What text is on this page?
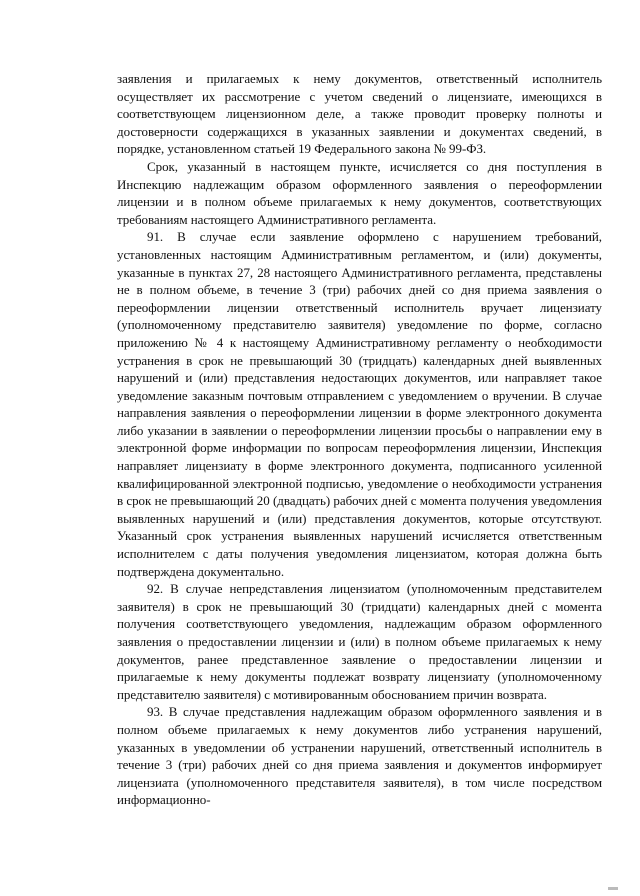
заявления и прилагаемых к нему документов, ответственный исполнитель осуществляет их рассмотрение с учетом сведений о лицензиате, имеющихся в соответствующем лицензионном деле, а также проводит проверку полноты и достоверности содержащихся в указанных заявлении и документах сведений, в порядке, установленном статьей 19 Федерального закона № 99-ФЗ.

Срок, указанный в настоящем пункте, исчисляется со дня поступления в Инспекцию надлежащим образом оформленного заявления о переоформлении лицензии и в полном объеме прилагаемых к нему документов, соответствующих требованиям настоящего Административного регламента.

91. В случае если заявление оформлено с нарушением требований, установленных настоящим Административным регламентом, и (или) документы, указанные в пунктах 27, 28 настоящего Административного регламента, представлены не в полном объеме, в течение 3 (три) рабочих дней со дня приема заявления о переоформлении лицензии ответственный исполнитель вручает лицензиату (уполномоченному представителю заявителя) уведомление по форме, согласно приложению № 4 к настоящему Административному регламенту о необходимости устранения в срок не превышающий 30 (тридцать) календарных дней выявленных нарушений и (или) представления недостающих документов, или направляет такое уведомление заказным почтовым отправлением с уведомлением о вручении. В случае направления заявления о переоформлении лицензии в форме электронного документа либо указании в заявлении о переоформлении лицензии просьбы о направлении ему в электронной форме информации по вопросам переоформления лицензии, Инспекция направляет лицензиату в форме электронного документа, подписанного усиленной квалифицированной электронной подписью, уведомление о необходимости устранения в срок не превышающий 20 (двадцать) рабочих дней с момента получения уведомления выявленных нарушений и (или) представления документов, которые отсутствуют. Указанный срок устранения выявленных нарушений исчисляется ответственным исполнителем с даты получения уведомления лицензиатом, которая должна быть подтверждена документально.

92. В случае непредставления лицензиатом (уполномоченным представителем заявителя) в срок не превышающий 30 (тридцати) календарных дней с момента получения соответствующего уведомления, надлежащим образом оформленного заявления о предоставлении лицензии и (или) в полном объеме прилагаемых к нему документов, ранее представленное заявление о предоставлении лицензии и прилагаемые к нему документы подлежат возврату лицензиату (уполномоченному представителю заявителя) с мотивированным обоснованием причин возврата.

93. В случае представления надлежащим образом оформленного заявления и в полном объеме прилагаемых к нему документов либо устранения нарушений, указанных в уведомлении об устранении нарушений, ответственный исполнитель в течение 3 (три) рабочих дней со дня приема заявления и документов информирует лицензиата (уполномоченного представителя заявителя), в том числе посредством информационно-
